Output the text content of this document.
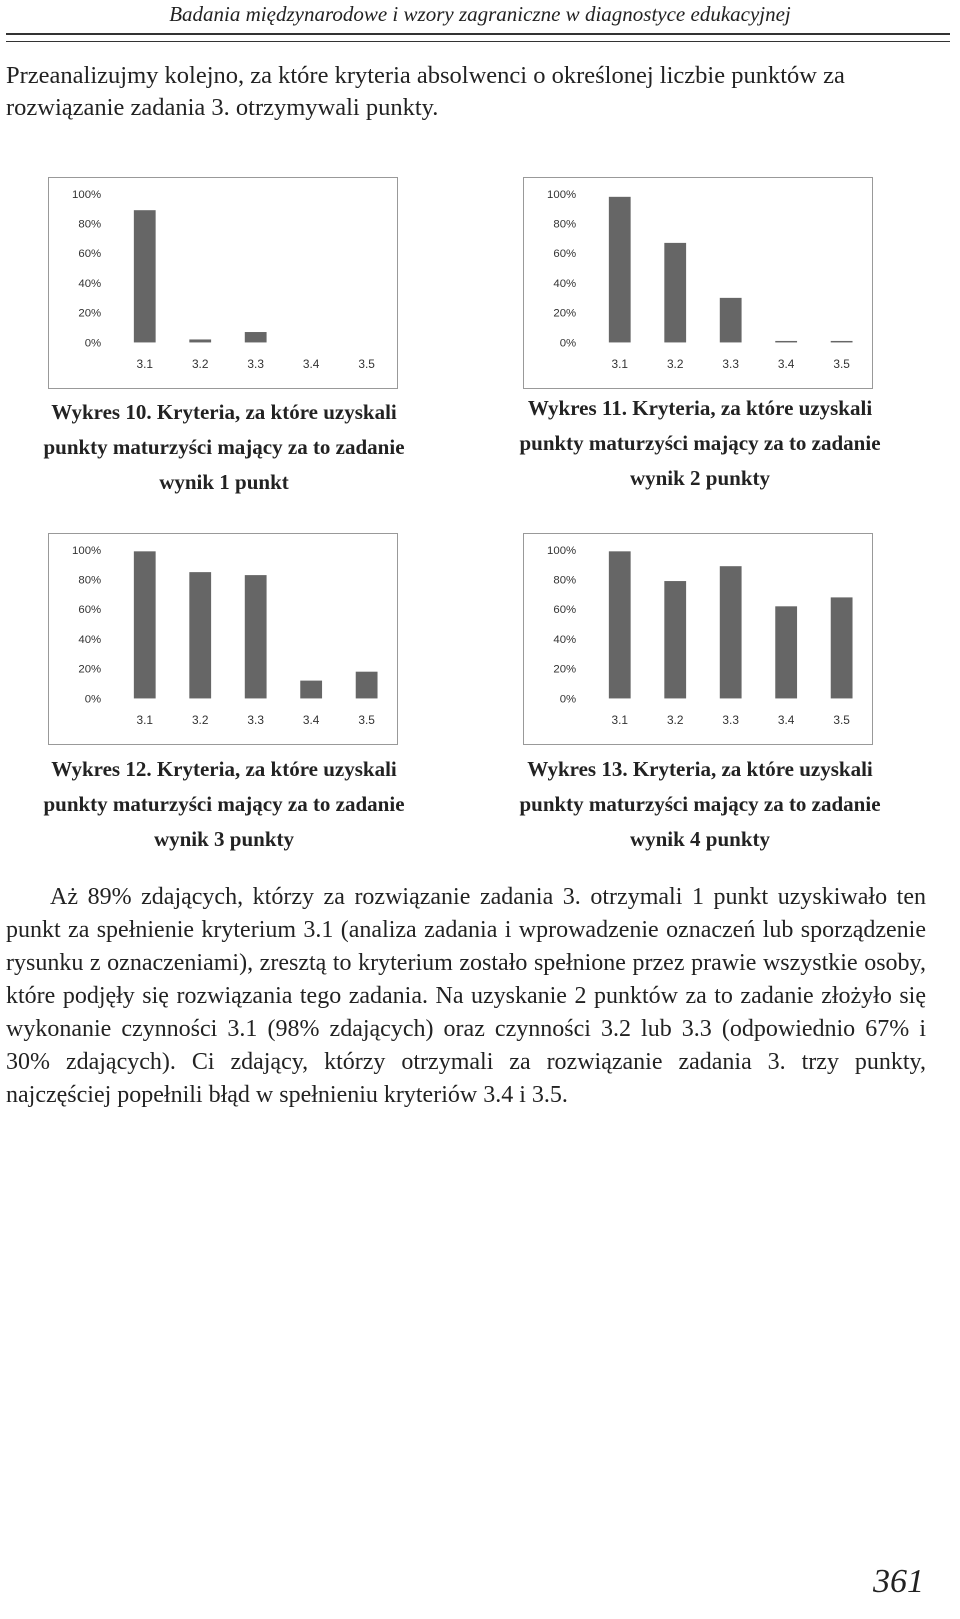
Badania międzynarodowe i wzory zagraniczne w diagnostyce edukacyjnej

Przeanalizujmy kolejno, za które kryteria absolwenci o określonej liczbie punktów za rozwiązanie zadania 3. otrzymywali punkty.

0%
20%
40%
60%
80%
100%
3.1	3.2	3.3	3.4	3.5
Wykres 10. Kryteria, za które uzyskali
punkty maturzyści mający za to zadanie
wynik 1 punkt
0%
20%
40%
60%
80%
100%
3.1	3.2	3.3	3.4	3.5
Wykres 11. Kryteria, za które uzyskali
punkty maturzyści mający za to zadanie
wynik 2 punkty
0%
20%
40%
60%
80%
100%
3.1	3.2	3.3	3.4	3.5
Wykres 12. Kryteria, za które uzyskali
punkty maturzyści mający za to zadanie
wynik 3 punkty
0%
20%
40%
60%
80%
100%
3.1	3.2	3.3	3.4	3.5
Wykres 13. Kryteria, za które uzyskali
punkty maturzyści mający za to zadanie
wynik 4 punkty

Aż 89% zdających, którzy za rozwiązanie zadania 3. otrzymali 1 punkt uzyskiwało ten punkt za spełnienie kryterium 3.1 (analiza zadania i wprowadzenie oznaczeń lub sporządzenie rysunku z oznaczeniami), zresztą to kryterium zostało spełnione przez prawie wszystkie osoby, które podjęły się rozwiązania tego zadania. Na uzyskanie 2 punktów za to zadanie złożyło się wykonanie czynności 3.1 (98% zdających) oraz czynności 3.2 lub 3.3 (odpowiednio 67% i 30% zdających). Ci zdający, którzy otrzymali za rozwiązanie zadania 3. trzy punkty, najczęściej popełnili błąd w spełnieniu kryteriów 3.4 i 3.5.

361
